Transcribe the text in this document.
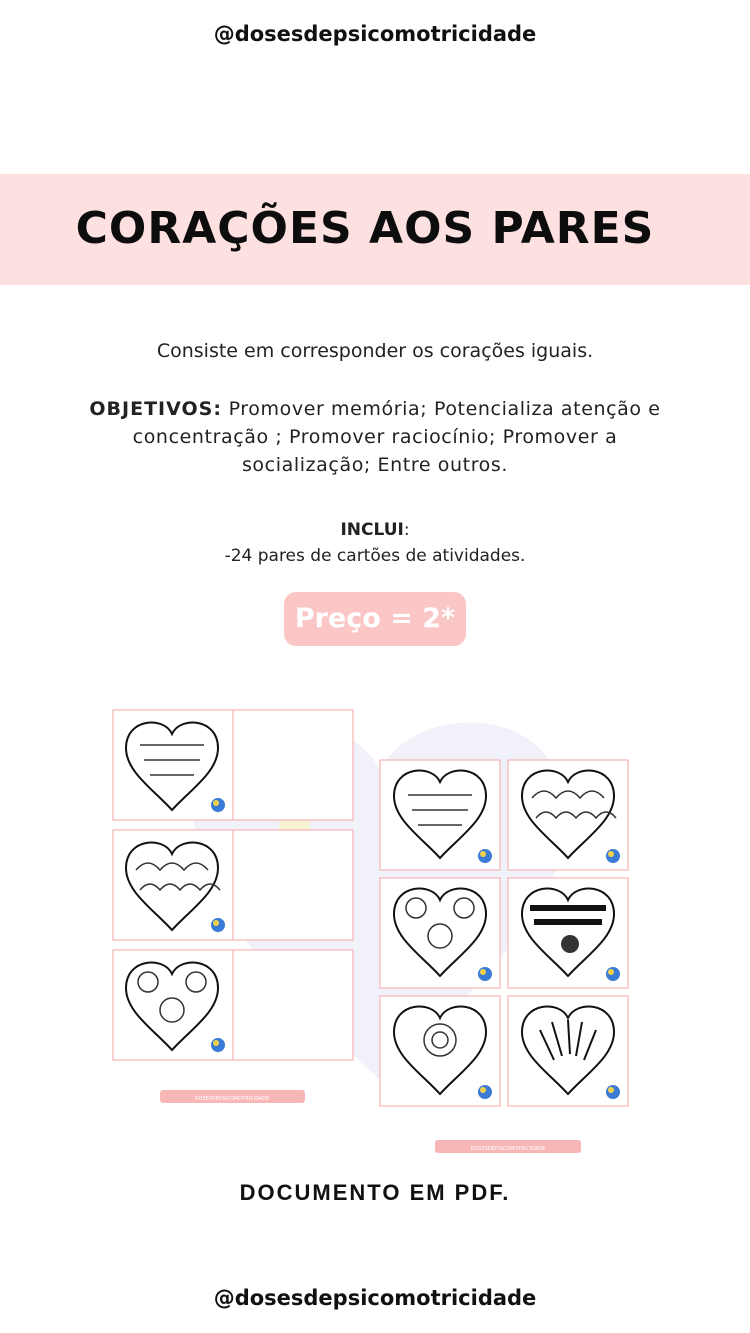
@dosesdepsicomotricidade
CORAÇÕES AOS PARES
Consiste em corresponder os corações iguais.
OBJETIVOS: Promover memória; Potencializa atenção e concentração ; Promover raciocínio; Promover a socialização; Entre outros.
INCLUI:
-24 pares de cartões de atividades.
Preço = 2*
DOSESDEPSICOMOTRICIDADE
DOSESDEPSICOMOTRICIDADE
DOCUMENTO EM PDF.
@dosesdepsicomotricidade
